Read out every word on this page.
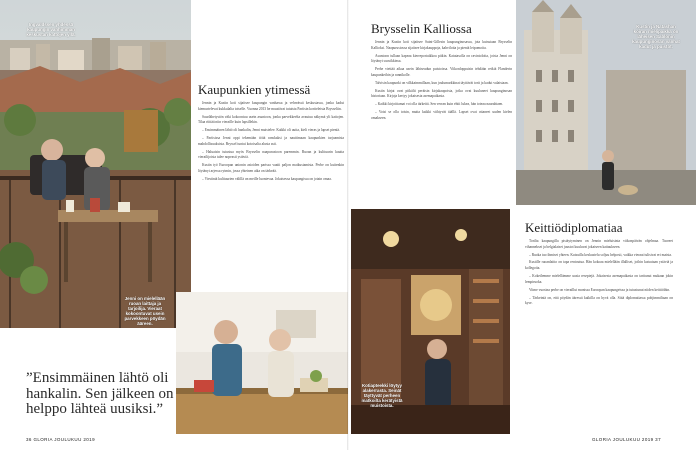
Ingvaldssen yhdessä kaupungin vanhimman keskustan kattojen yllä.
Jenni on mielellään ruoan laittaja ja tarjoilija. Vieraat kokoontuvat usein parvekkeen pöydän ääreen.
Kaupunkien ytimessä

Jennin ja Kustin koti sijaitsee kaupungin vanhassa ja vehreässä keskustassa, jonka kadut kiemurtelevat kukkulalta toiselle. Vuonna 2013 he muuttivat tutuista Pariisin kortteleista Brysseliin.

Suurlähetystön väki kokoontuu usein asuntoon, jonka parvekkeelta avautuu näkymä yli kattojen. Tilaa riittää niin vieraille kuin lapsillekin.

– Ensimmäinen lähtö oli hankalin, Jenni muistelee. Kaikki oli uutta, kieli vieras ja lapset pieniä.

– Pariisissa Jenni oppi tekemään töitä ranskaksi ja nauttimaan kaupunkien tarjoamista mahdollisuuksista. Bryssel tuntui kotoisalta alusta asti.

– Haluaisin tutustua myös Brysselin naapurustoon paremmin. Ruoan ja kulttuurin kautta vierailijoista tulee nopeasti ystäviä.

Kustin työ Euroopan unionin asioiden parissa vaatii paljon matkustamista. Perhe on kuitenkin löytänyt arjessa rytmin, jossa yhteinen aika on tärkeää.

– Viestintä kulttuurien välillä on meille luontevaa. Jokaisessa kaupungissa on jotain omaa.

”Ensimmäinen lähtö oli hankalin. Sen jälkeen on helppo lähteä uusiksi.”

36 GLORIA JOULUKUU 2019
Brysselin Kalliossa

Jennin ja Kustin koti sijaitsee Saint-Gillesin kaupunginosassa, jota kutsutaan Brysselin Kallioksi. Naapurustossa sijaitsee kirjakauppoja, kahviloita ja pieniä leipomoita.

Asuntoon tullaan kapeaa kierreportaikkoa pitkin. Katutasolla on ravintoloita, joista Jenni on löytänyt suosikkinsa.

Perhe viettää aikaa usein lähiseudun puistoissa. Viikonloppuisin tehdään retkiä Flanderin kaupunkeihin ja rannikolle.

Talvisin kaupunki on vilkkaimmillaan, kun joulumarkkinat täyttävät torit ja kadut valaistaan.

Kustin kirjat ovat pitkälti peräisin kirjakaupoista, jotka ovat kuuluneet kaupunginosan historiaan. Kirjoja kertyy jokaisesta asemapaikasta.

– Kaikki kirjoittamat voi olla tärkeitä. Sen verran kuin ehtii lukea, hän toteaa naurahtaen.

– Voisi se olla toisin, mutta kaikki viihtyvät täällä. Lapset ovat ottaneet uuden kielen omakseen.

Kustin ja Natashan koiran mielipaikka on läheisen Sablonin kaupunginosan vanhat kadut ja puistot.
Kotiapteekki löytyy alakerrasta. Seinät täyttyvät perheen matkoilta kerätyistä muistoista.
Keittiödiplomatiaa

Torilta kaupungilla pistäytyminen on Jennin mieluisinta viikonpäivän ohjelmaa. Tuoreet vihannekset ja belgialaiset juustot kuuluvat jokaiseen kattaukseen.

– Ruoka tuo ihmiset yhteen. Kutsuilla keskustelu soljuu helposti, vaikka vieraat tulisivat eri maista.

Kustille ruoanlaitto on tapa rentoutua. Hän kokoaa mielellään illalliset, joihin kutsutaan ystäviä ja kollegoita.

– Kokeilemme mielellämme uusia reseptejä. Jokaisesta asemapaikasta on tarttunut mukaan jokin lempiruoka.

Viime vuosina perhe on vieraillut monissa Euroopan kaupungeissa ja tutustunut niiden keittiöihin.

– Tärkeintä on, että pöydän ääressä kaikilla on hyvä olla. Siitä diplomatiassa pohjimmiltaan on kyse.

GLORIA JOULUKUU 2019 37
